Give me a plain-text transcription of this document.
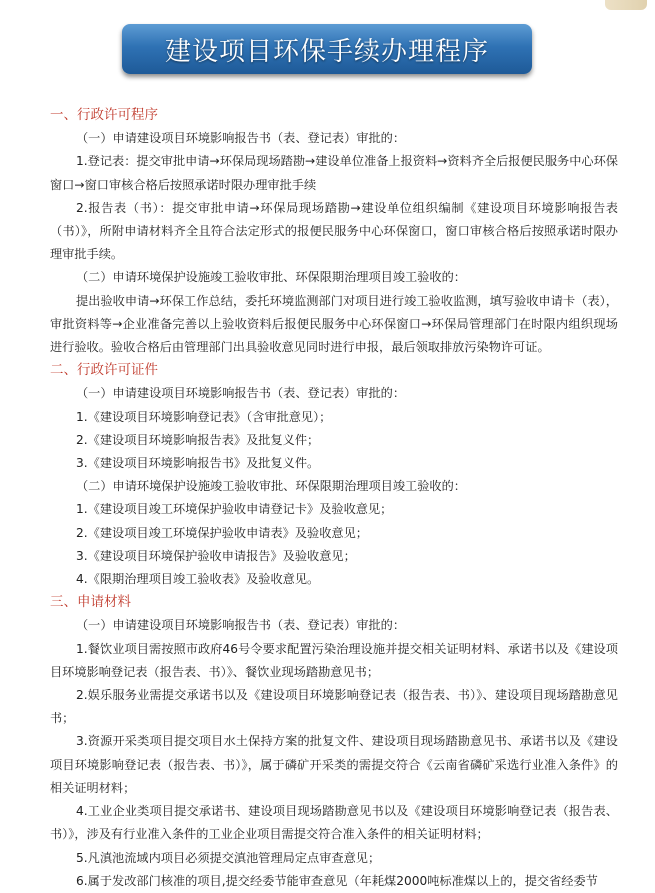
建设项目环保手续办理程序

一、行政许可程序

（一）申请建设项目环境影响报告书（表、登记表）审批的：

1.登记表：提交审批申请→环保局现场踏勘→建设单位准备上报资料→资料齐全后报便民服务中心环保窗口→窗口审核合格后按照承诺时限办理审批手续

2.报告表（书）：提交审批申请→环保局现场踏勘→建设单位组织编制《建设项目环境影响报告表（书）》，所附申请材料齐全且符合法定形式的报便民服务中心环保窗口，窗口审核合格后按照承诺时限办理审批手续。

（二）申请环境保护设施竣工验收审批、环保限期治理项目竣工验收的：

提出验收申请→环保工作总结，委托环境监测部门对项目进行竣工验收监测，填写验收申请卡（表），审批资料等→企业准备完善以上验收资料后报便民服务中心环保窗口→环保局管理部门在时限内组织现场进行验收。验收合格后由管理部门出具验收意见同时进行申报，最后领取排放污染物许可证。

二、行政许可证件

（一）申请建设项目环境影响报告书（表、登记表）审批的：

1.《建设项目环境影响登记表》（含审批意见）；

2.《建设项目环境影响报告表》及批复义件；

3.《建设项目环境影响报告书》及批复义件。

（二）申请环境保护设施竣工验收审批、环保限期治理项目竣工验收的：

1.《建设项目竣工环境保护验收申请登记卡》及验收意见；

2.《建设项目竣工环境保护验收申请表》及验收意见；

3.《建设项目环境保护验收申请报告》及验收意见；

4.《限期治理项目竣工验收表》及验收意见。

三、申请材料

（一）申请建设项目环境影响报告书（表、登记表）审批的：

1.餐饮业项目需按照市政府46号令要求配置污染治理设施并提交相关证明材料、承诺书以及《建设项目环境影响登记表（报告表、书）》、餐饮业现场踏勘意见书；

2.娱乐服务业需提交承诺书以及《建设项目环境影响登记表（报告表、书）》、建设项目现场踏勘意见书；

3.资源开采类项目提交项目水土保持方案的批复文件、建设项目现场踏勘意见书、承诺书以及《建设项目环境影响登记表（报告表、书）》，属于磷矿开采类的需提交符合《云南省磷矿采选行业准入条件》的相关证明材料；

4.工业企业类项目提交承诺书、建设项目现场踏勘意见书以及《建设项目环境影响登记表（报告表、书）》，涉及有行业准入条件的工业企业项目需提交符合准入条件的相关证明材料；

5.凡滇池流域内项目必须提交滇池管理局定点审查意见；

6.属于发改部门核准的项目,提交经委节能审查意见（年耗煤2000吨标准煤以上的，提交省经委节
